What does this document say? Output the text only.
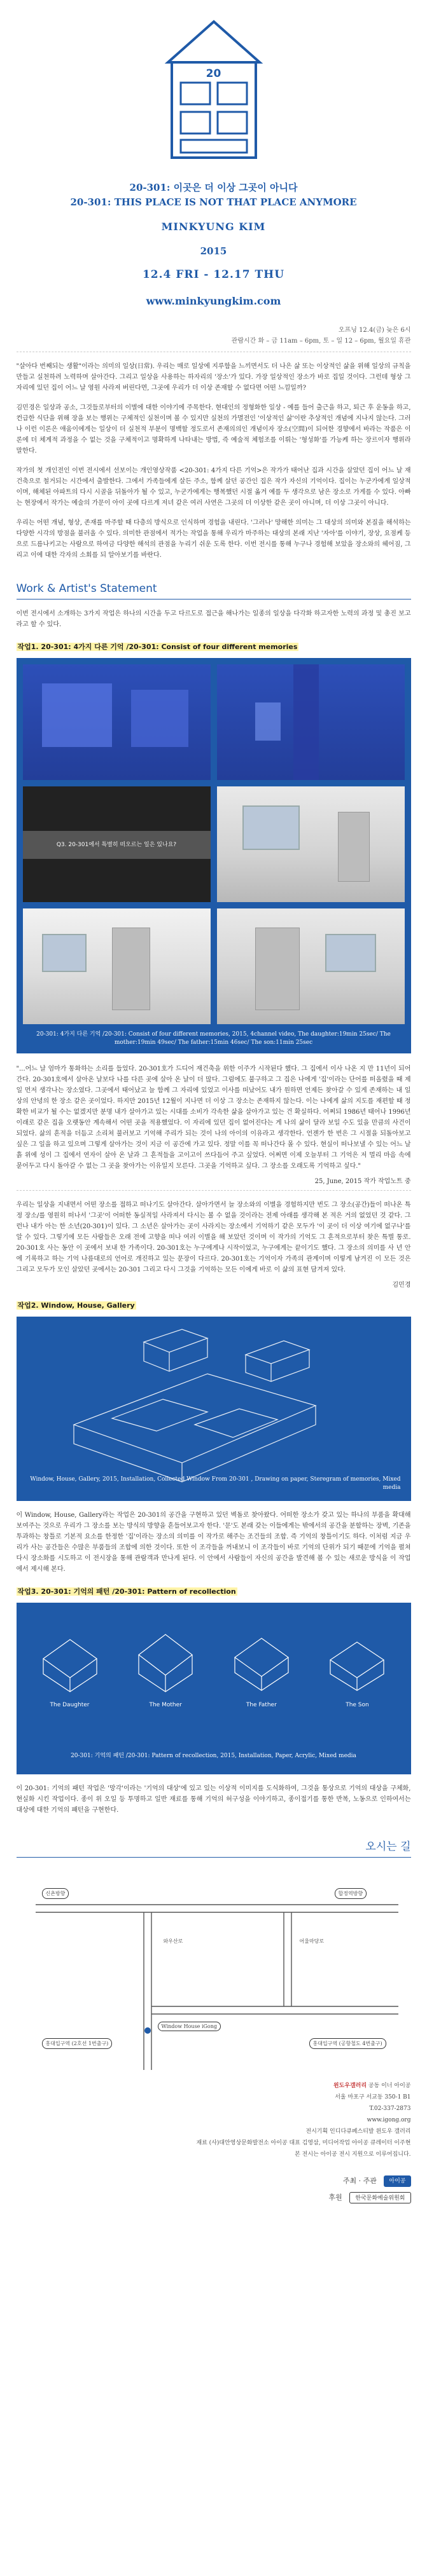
20
20-301: 이곳은 더 이상 그곳이 아니다
20-301: THIS PLACE IS NOT THAT PLACE ANYMORE
MINKYUNG KIM
2015
12.4 FRI - 12.17 THU
www.minkyungkim.com
오프닝 12.4(금) 늦은 6시
관람시간 화 – 금 11am – 6pm, 토 – 일 12 – 6pm, 월요일 휴관
"살아다 번째되는 생활"이라는 의미의 일상(日常). 우리는 매로 일상에 지루함을 느끼면서도 더 나은 삶 또는 이상적인 삶을 위해 일상의 규칙을 만들고 실천하려 노력하며 살아간다. 그리고 일상을 사용하는 하자리의 '장소'가 있다. 가장 일상적인 장소가 바로 집일 것이다. 그런데 형상 그 자리에 있던 집이 어느 날 영원 사라져 버린다면, 그곳에 우리가 더 이상 존재할 수 없다면 어떤 느낌일까?
김민경은 일상과 공소, 그것들로부터의 이별에 대한 이야기에 주목한다. 현대인의 정형화한 일상 - 예를 들어 출근을 하고, 퇴근 후 운동을 하고, 컨급한 식단을 위해 장을 보는 행위는 구체적인 실천이며 볼 수 있지만 실천의 가멸전인 '이상적인 삶'이란 추상적인 개념에 지나지 않는다. 그러나 이런 이론은 애움이에게는 일상이 더 실천적 부분이 명백할 정도로서 존재의의인 개념이자 장소(空間)이 되어한 경향에서 바라는 작품은 이론에 더 체계적 과정을 수 없는 것을 구체적이고 명확하게 나타내는 방법, 즉 예술적 체험조를 이뤄는 '형성화'를 가능케 하는 장르이자 행위라 말한다.
작가의 첫 개인전인 이번 전시에서 선보이는 개인영상작품 <20-301: 4가지 다른 기억>은 작가가 태어난 집과 시간을 살았던 집이 어느 날 재건축으로 철거되는 시간에서 출발한다. 그에서 가족들에게 살든 주소, 함께 살던 공간인 집은 작가 자신의 기억이다. 집이는 누군가에게 일상적이며, 해체된 아파트의 다시 시골을 뒤돌아가 될 수 있고, 누군가에게는 행복했던 시절 옮겨 예를 두 생각으로 남은 장소로 가게를 수 있다. 아빠는 현장에서 작가는 예술의 가문이 아이 곳에 다르게 저녀 같은 여러 사연은 그곳의 더 이상한 같은 곳이 아니며, 더 이상 그곳이 아니다.
우리는 어떤 개념, 형상, 존재를 마주할 때 다층의 방식으로 인식하며 경험을 내린다. '그러나' 망해한 의미는 그 대상의 의미와 본질을 해석하는 다양한 시각의 방점을 불러올 수 있다. 의미한 관점에서 적가는 작업을 통해 우리가 마주하는 대상의 본래 지난 '자아'를 이야기, 장상, 요점케 등으로 드름나키고는 사람으로 하여금 다양한 해석의 관점을 누리기 쉬운 도록 한다. 이번 전시를 통해 누구나 경험해 보았을 장소와의 헤어짐, 그리고 이에 대한 각자의 소회를 되 알아보기를 바란다.
Work & Artist's Statement
이번 전시에서 소개하는 3가지 작업은 하나의 시간을 두고 다르도로 접근을 해나가는 일종의 일상을 다각화 하고자한 노력의 과정 및 총진 보고라고 할 수 있다.
작업1. 20-301: 4가지 다른 기억 /20-301: Consist of four different memories
Q3. 20-301에서 특별히 떠오르는 일은 있나요?
20-301: 4가지 다른 기억 /20-301: Consist of four different memories, 2015, 4channel video, The daughter:19min 25sec/ The mother:19min 49sec/ The father:15min 46sec/ The son:11min 25sec
"...어느 날 엄마가 통화하는 소리를 들었다. 20-301호가 드디어 재건축을 위한 이주가 시작된다 했다. 그 집에서 이사 나온 지 만 11년이 되어 간다. 20-301호에서 살아온 날보다 나를 다른 곳에 살아 온 날이 더 많다. 그럼에도 불구하고 그 집은 나에게 '집'이라는 단어를 떠올렸을 때 제일 먼저 생각나는 장소였다. 그곳에서 태어났고 늘 함께 그 자리에 있었고 이사를 떠났어도 내가 원하면 언제든 찾아갈 수 있게 존재하는 내 일상의 안녕의 한 장소 같은 곳이었다. 하지만 2015년 12월이 지나면 더 이상 그 장소는 존재하지 않는다. 이는 나에게 삶의 지도를 재편할 때 정확한 비교가 될 수는 없겠지만 분명 내가 살아가고 있는 시대를 소비가 각속한 삶을 살아가고 있는 건 확실하다. 어쩌되 1986년 태어나 1996년 이래로 같은 집을 오랫동안 계속해서 어떤 곳을 적용했었다. 이 자리에 있던 집이 없어진다는 게 나의 삶이 달라 보일 수도 있을 만큼의 사건이 되었다. 삶의 흔적을 더듬고 소리쳐 불러보고 기억해 주리가 되는 것이 나의 아이의 이유라고 생각한다. 언젠가 한 번은 그 시절을 되돌아보고 싶은 그 일을 하고 있으며 그렇게 살아가는 것이 지금 이 공간에 가고 있다. 정말 이를 꼭 떠나간다 몰 수 있다. 현실이 떠나보낼 수 있는 어느 날 흙 위에 성이 그 집에서 연자이 살아 온 날과 그 흔적들을 고이고이 쓰다듬어 주고 싶었다. 어쩌면 이제 오늘부터 그 기억은 저 멀리 마음 속에 묻어두고 다시 돌아갈 수 없는 그 곳을 찾아가는 이유일지 모른다. 그곳을 기억하고 싶다. 그 장소를 오래도록 기억하고 싶다."
25, June, 2015 작가 작업노트 중
우리는 일상을 지내면서 어떤 장소를 접하고 떠나기도 살아간다. 살아가면서 늘 장소와의 이별을 경험하지만 번도 그 장소(공간)들이 떠나온 특정 장소/를 영원히 떠나서 '그곳'이 어떠한 동실적일 사라져서 다시는 볼 수 없을 것이라는 전제 아래를 생각해 본 적은 거의 없었던 것 같다. 그런나 내가 아는 한 소년(20-301)이 있다. 그 소년은 살아가는 곳이 사라지는 장소에서 기억하기 같은 모두가 '이 곳이 더 이상 여기에 없구나'를 알 수 있다. 그렇기에 모든 사람들은 오래 전에 고향을 떠나 여러 이별을 해 보았던 것이며 이 작가의 기억도 그 흔적으로부터 찾은 특별 통로. 20-301호 사는 동안 이 곳에서 보내 한 가족이다. 20-301호는 누구에게나 시작이었고, 누구에게는 끝이기도 했다. 그 장소의 의미를 사 년 안에 기록하고 하는 기억 나름대로의 언어로 개진하고 있는 문장이 다르다. 20-301호는 기억이자 가족의 관계이며 이렇게 남겨진 이 모든 것은 그리고 모두가 모인 살았던 곳에서는 20-301 그리고 다시 그것을 기억하는 모든 이에게 바로 이 삶의 표현 담겨져 있다.
김민경
작업2. Window, House, Gallery
Window, House, Gallery, 2015, Installation, Collected Window From 20-301 , Drawing on paper, Steregram of memories, Mixed media
이 Window, House, Gallery라는 작업은 20-301의 공간을 구현하고 있던 벽돌로 찾아왔다. 어떠한 장소가 갖고 있는 하나의 부품을 확대해 보여주는 것으로 우리가 그 장소를 보는 방식의 방향을 흔들어보고자 한다. '문'도 본래 갖는 이들에게는 밖에서의 공간을 분할하는 장벽, 기존을 투과하는 창틀로 기본적 요소를 한정한 '집'이라는 장소의 의미를 이 작가로 해주는 조건들의 조합. 즉 기억의 창틀이기도 하다. 이처럼 지금 우리가 사는 공간들은 수많은 부품들의 조합에 의한 것이다. 또한 이 조각들을 꺼내보니 이 조각들이 바로 기억의 단위가 되기 때문에 기억을 펼쳐 다시 장소화를 시도하고 이 전시장을 통해 관람객과 만나게 된다. 이 안에서 사람들이 자신의 공간을 발견해 볼 수 있는 새로운 방식을 이 작업에서 제시해 본다.
작업3. 20-301: 기억의 패턴 /20-301: Pattern of recollection
The Daughter	The Mother	The Father	The Son
20-301: 기억의 패턴 /20-301: Pattern of recollection, 2015, Installation, Paper, Acrylic, Mixed media
이 20-301: 기억의 패턴 작업은 '망각'이라는 '기억의 대상'에 있고 있는 이상적 이미지를 도식화하여, 그것을 통상으로 기억의 대상을 구체화, 현실화 시킨 작업이다. 종이 위 오일 등 투명하고 일반 재료를 통해 기억의 허구성을 이야기하고, 종이접기를 통한 반복, 노동으로 인하여서는 대상에 대한 기억의 패턴을 구현한다.
오시는 길
신촌방향	합정역방향
Window House iGong
홍대입구역 (2호선 1번출구)	홍대입구역 (공항철도 4번출구)
어울마당로
와우산로
윈도우갤러리 공동 이너 아이공
서울 마포구 서교동 350-1 B1
T.02-337-2873
www.igong.org
전시기획 인디다큐페스티발 윈도우 갤러리
재료 (사)대안영상문화발전소 아이공 대표 김영삼, 미디어작업 아이공 큐레이터 이주현
본 전시는 아이공 전시 지원으로 이루어집니다.
주최 · 주관 아이공
후원 한국문화예술위원회
